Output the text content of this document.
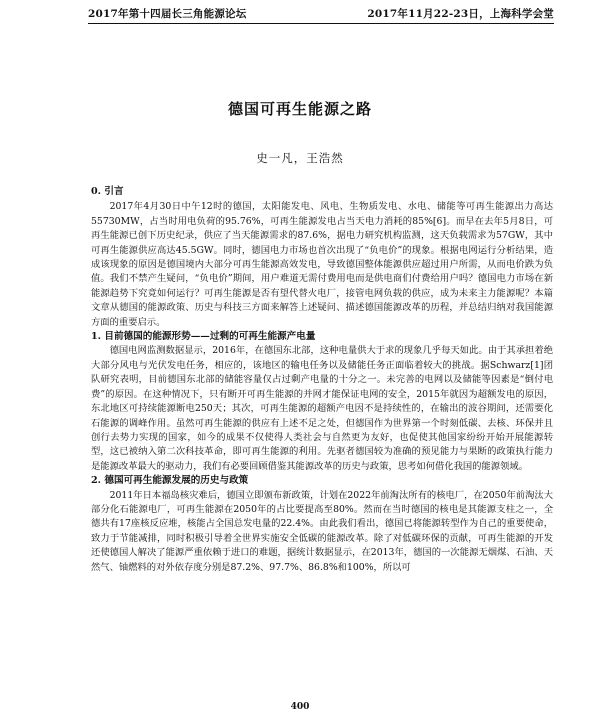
2017年第十四届长三角能源论坛	2017年11月22-23日，上海科学会堂
德国可再生能源之路
史一凡，王浩然
0. 引言

2017年4月30日中午12时的德国，太阳能发电、风电、生物质发电、水电、储能等可再生能源出力高达55730MW，占当时用电负荷的95.76%，可再生能源发电占当天电力消耗的85%[6]。而早在去年5月8日，可再生能源已创下历史纪录，供应了当天能源需求的87.6%，据电力研究机构监测，这天负载需求为57GW，其中可再生能源供应高达45.5GW。同时，德国电力市场也首次出现了“负电价”的现象。根据电网运行分析结果，造成该现象的原因是德国境内大部分可再生能源高效发电，导致德国整体能源供应超过用户所需，从而电价跌为负值。我们不禁产生疑问，“负电价”期间，用户难道无需付费用电而是供电商们付费给用户吗？德国电力市场在新能源趋势下究竟如何运行？可再生能源是否有望代替火电厂，接管电网负载的供应，成为未来主力能源呢？本篇文章从德国的能源政策、历史与科技三方面来解答上述疑问、描述德国能源改革的历程，并总结归纳对我国能源方面的重要启示。

1. 目前德国的能源形势——过剩的可再生能源产电量

德国电网监测数据显示，2016年，在德国东北部，这种电量供大于求的现象几乎每天如此。由于其承担着绝大部分风电与光伏发电任务，相应的，该地区的输电任务以及储能任务正面临着较大的挑战。据Schwarz[1]团队研究表明，目前德国东北部的储能容量仅占过剩产电量的十分之一。未完善的电网以及储能等因素是“倒付电费”的原因。在这种情况下，只有断开可再生能源的并网才能保证电网的安全，2015年就因为超额发电的原因，东北地区可持续能源断电250天；其次，可再生能源的超额产电因不是持续性的，在输出的波谷期间，还需要化石能源的调峰作用。虽然可再生能源的供应有上述不足之处，但德国作为世界第一个时刻低碳、去核、环保并且创行去势力实现的国家，如今的成果不仅使得人类社会与自然更为友好，也促使其他国家纷纷开始开展能源转型，这已被纳入第二次科技革命，即可再生能源的利用。先驱者德国较为准确的预见能力与果断的政策执行能力是能源改革最大的驱动力，我们有必要回顾借鉴其能源改革的历史与政策，思考如何借化我国的能源领域。

2. 德国可再生能源发展的历史与政策

2011年日本福岛核灾难后，德国立即颁布新政策，计划在2022年前淘汰所有的核电厂，在2050年前淘汰大部分化石能源电厂，可再生能源在2050年的占比要提高至80%。然而在当时德国的核电是其能源支柱之一，全德共有17座核反应堆，核能占全国总发电量的22.4%。由此我们看出，德国已将能源转型作为自己的重要使命，致力于节能减排，同时积极引导着全世界实施安全低碳的能源改革。除了对低碳环保的贡献，可再生能源的开发还使德国人解决了能源严重依赖于进口的难题，据统计数据显示，在2013年，德国的一次能源无烟煤、石油、天然气、铀燃料的对外依存度分别是87.2%、97.7%、86.8%和100%，所以可

400
